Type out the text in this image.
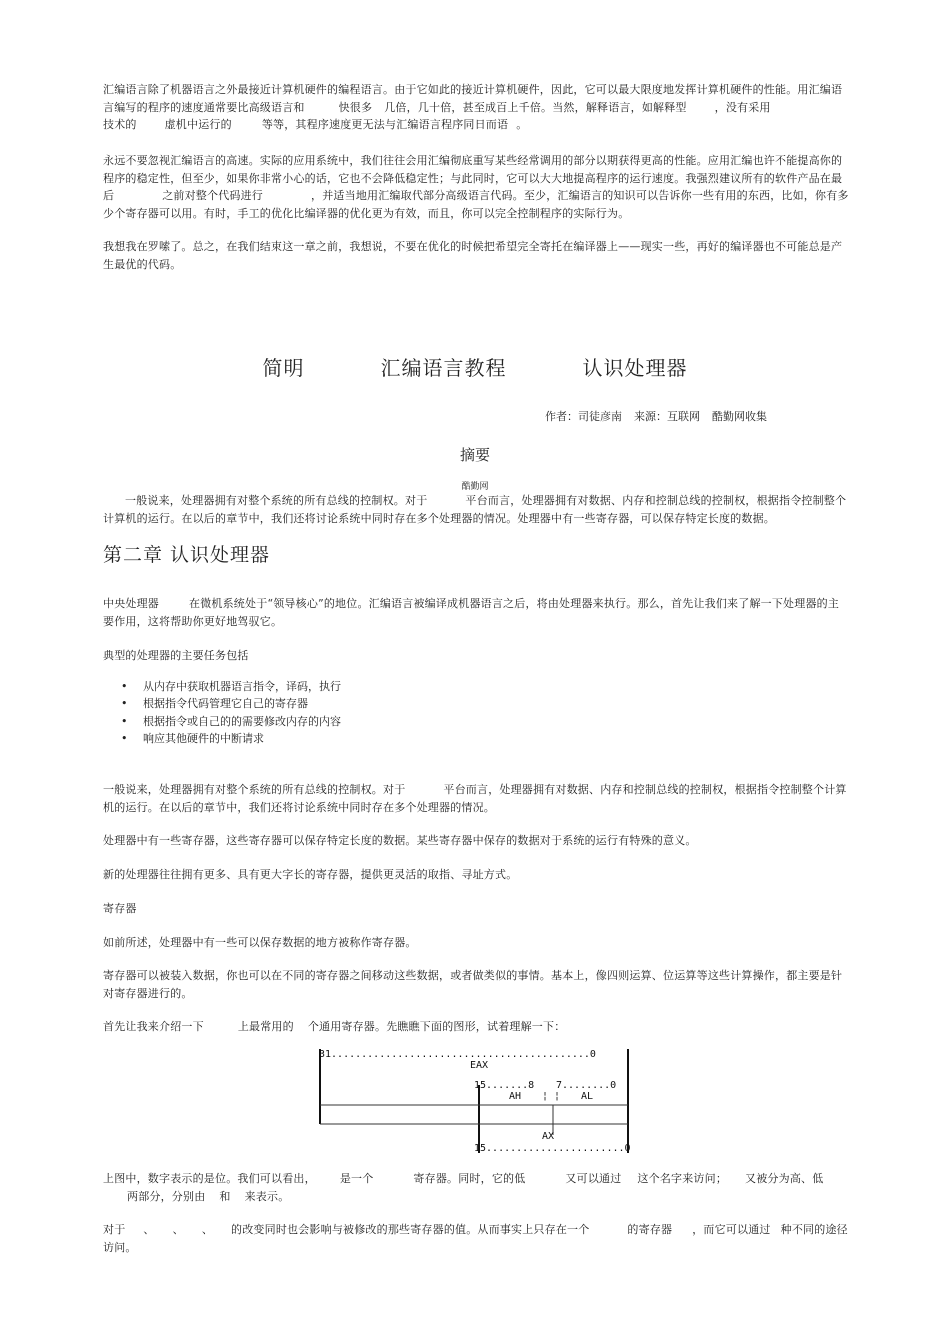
汇编语言除了机器语言之外最接近计算机硬件的编程语言。由于它如此的接近计算机硬件，因此，它可以最大限度地发挥计算机硬件的性能。用汇编语言编写的程序的速度通常要比高级语言和	快很多 几倍，几十倍，甚至成百上千倍。当然，解释语言，如解释型	，没有采用
技术的	虚机中运行的	等等，其程序速度更无法与汇编语言程序同日而语 。

永远不要忽视汇编语言的高速。实际的应用系统中，我们往往会用汇编彻底重写某些经常调用的部分以期获得更高的性能。应用汇编也许不能提高你的程序的稳定性，但至少，如果你非常小心的话，它也不会降低稳定性；与此同时，它可以大大地提高程序的运行速度。我强烈建议所有的软件产品在最后	之前对整个代码进行	，并适当地用汇编取代部分高级语言代码。至少，汇编语言的知识可以告诉你一些有用的东西，比如，你有多少个寄存器可以用。有时，手工的优化比编译器的优化更为有效，而且，你可以完全控制程序的实际行为。

我想我在罗嗦了。总之，在我们结束这一章之前，我想说，不要在优化的时候把希望完全寄托在编译器上——现实一些，再好的编译器也不可能总是产生最优的代码。

简明	汇编语言教程	认识处理器
作者：司徒彦南 来源：互联网 酷勤网收集
摘要
酷勤网

一般说来，处理器拥有对整个系统的所有总线的控制权。对于	平台而言，处理器拥有对数据、内存和控制总线的控制权，根据指令控制整个计算机的运行。在以后的章节中，我们还将讨论系统中同时存在多个处理器的情况。处理器中有一些寄存器，可以保存特定长度的数据。

第二章 认识处理器

中央处理器	在微机系统处于“领导核心”的地位。汇编语言被编译成机器语言之后，将由处理器来执行。那么，首先让我们来了解一下处理器的主要作用，这将帮助你更好地驾驭它。

典型的处理器的主要任务包括

• 从内存中获取机器语言指令，译码，执行
• 根据指令代码管理它自己的寄存器
• 根据指令或自己的的需要修改内存的内容
• 响应其他硬件的中断请求

一般说来，处理器拥有对整个系统的所有总线的控制权。对于	平台而言，处理器拥有对数据、内存和控制总线的控制权，根据指令控制整个计算机的运行。在以后的章节中，我们还将讨论系统中同时存在多个处理器的情况。

处理器中有一些寄存器，这些寄存器可以保存特定长度的数据。某些寄存器中保存的数据对于系统的运行有特殊的意义。

新的处理器往往拥有更多、具有更大字长的寄存器，提供更灵活的取指、寻址方式。

寄存器

如前所述，处理器中有一些可以保存数据的地方被称作寄存器。

寄存器可以被装入数据，你也可以在不同的寄存器之间移动这些数据，或者做类似的事情。基本上，像四则运算、位运算等这些计算操作，都主要是针对寄存器进行的。

首先让我来介绍一下	上最常用的 个通用寄存器。先瞧瞧下面的图形，试着理解一下：

31...........................................0
EAX
15.......8 7........0
AH ¦ ¦ AL
AX
15.......................0

上图中，数字表示的是位。我们可以看出， 是一个	寄存器。同时，它的低	又可以通过 这个名字来访问； 又被分为高、低
两部分，分别由 和 来表示。

对于 、 、 、 的改变同时也会影响与被修改的那些寄存器的值。从而事实上只存在一个	的寄存器 ，而它可以通过 种不同的途径访问。
